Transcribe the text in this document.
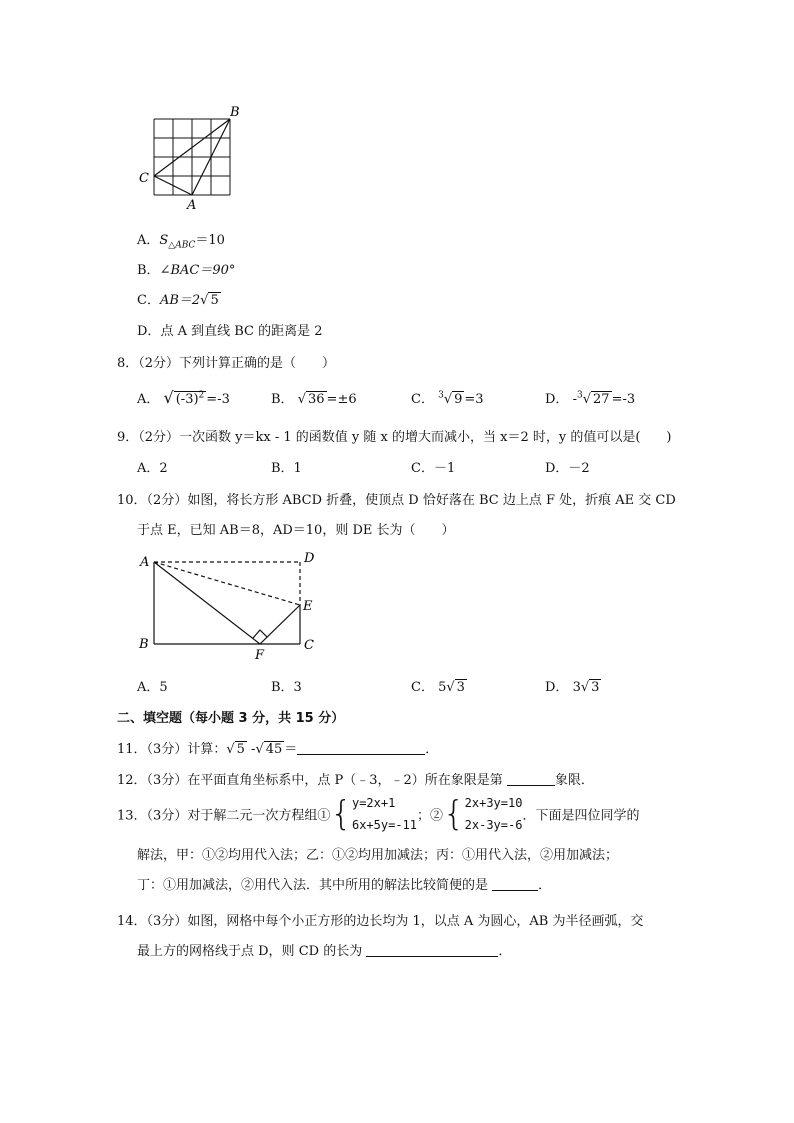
B
C
A
A．$S_{\triangle ABC}=10$
B．∠BAC＝90°
C．AB＝2√ 5
D．点 A 到直线 BC 的距离是 2
8．（2分）下列计算正确的是（　　）
A． √ $(-3)^2 =-3$	B． √ 36 =±6	C． $^3$√ 9 =3	D． -$^3$√ 27 =-3
9．（2分）一次函数 y＝kx - 1 的函数值 y 随 x 的增大而减小，当 x＝2 时，y 的值可以是(　　)
A．2	B．1	C．－1	D．－2
10．（2分）如图，将长方形 ABCD 折叠，使顶点 D 恰好落在 BC 边上点 F 处，折痕 AE 交 CD
于点 E，已知 AB＝8，AD＝10，则 DE 长为（　　）
A	D
E
B
F
C
A．5	B．3	C． 5√ 3	D． 3√ 3
二、填空题（每小题 3 分，共 15 分）
11．（3分）计算：√ 5 -√ 45 ＝	．
12．（3分）在平面直角坐标系中，点 P（﹣3，﹣2）所在象限是第	象限．
13．（3分）对于解二元一次方程组①{y=2x+1
6x+5y=-11；②{2x+3y=10
2x-3y=-6．下面是四位同学的
解法，甲：①②均用代入法；乙：①②均用加减法；丙：①用代入法，②用加减法；
丁：①用加减法，②用代入法．其中所用的解法比较简便的是	．
14．（3分）如图，网格中每个小正方形的边长均为 1，以点 A 为圆心，AB 为半径画弧，交
最上方的网格线于点 D，则 CD 的长为	．
